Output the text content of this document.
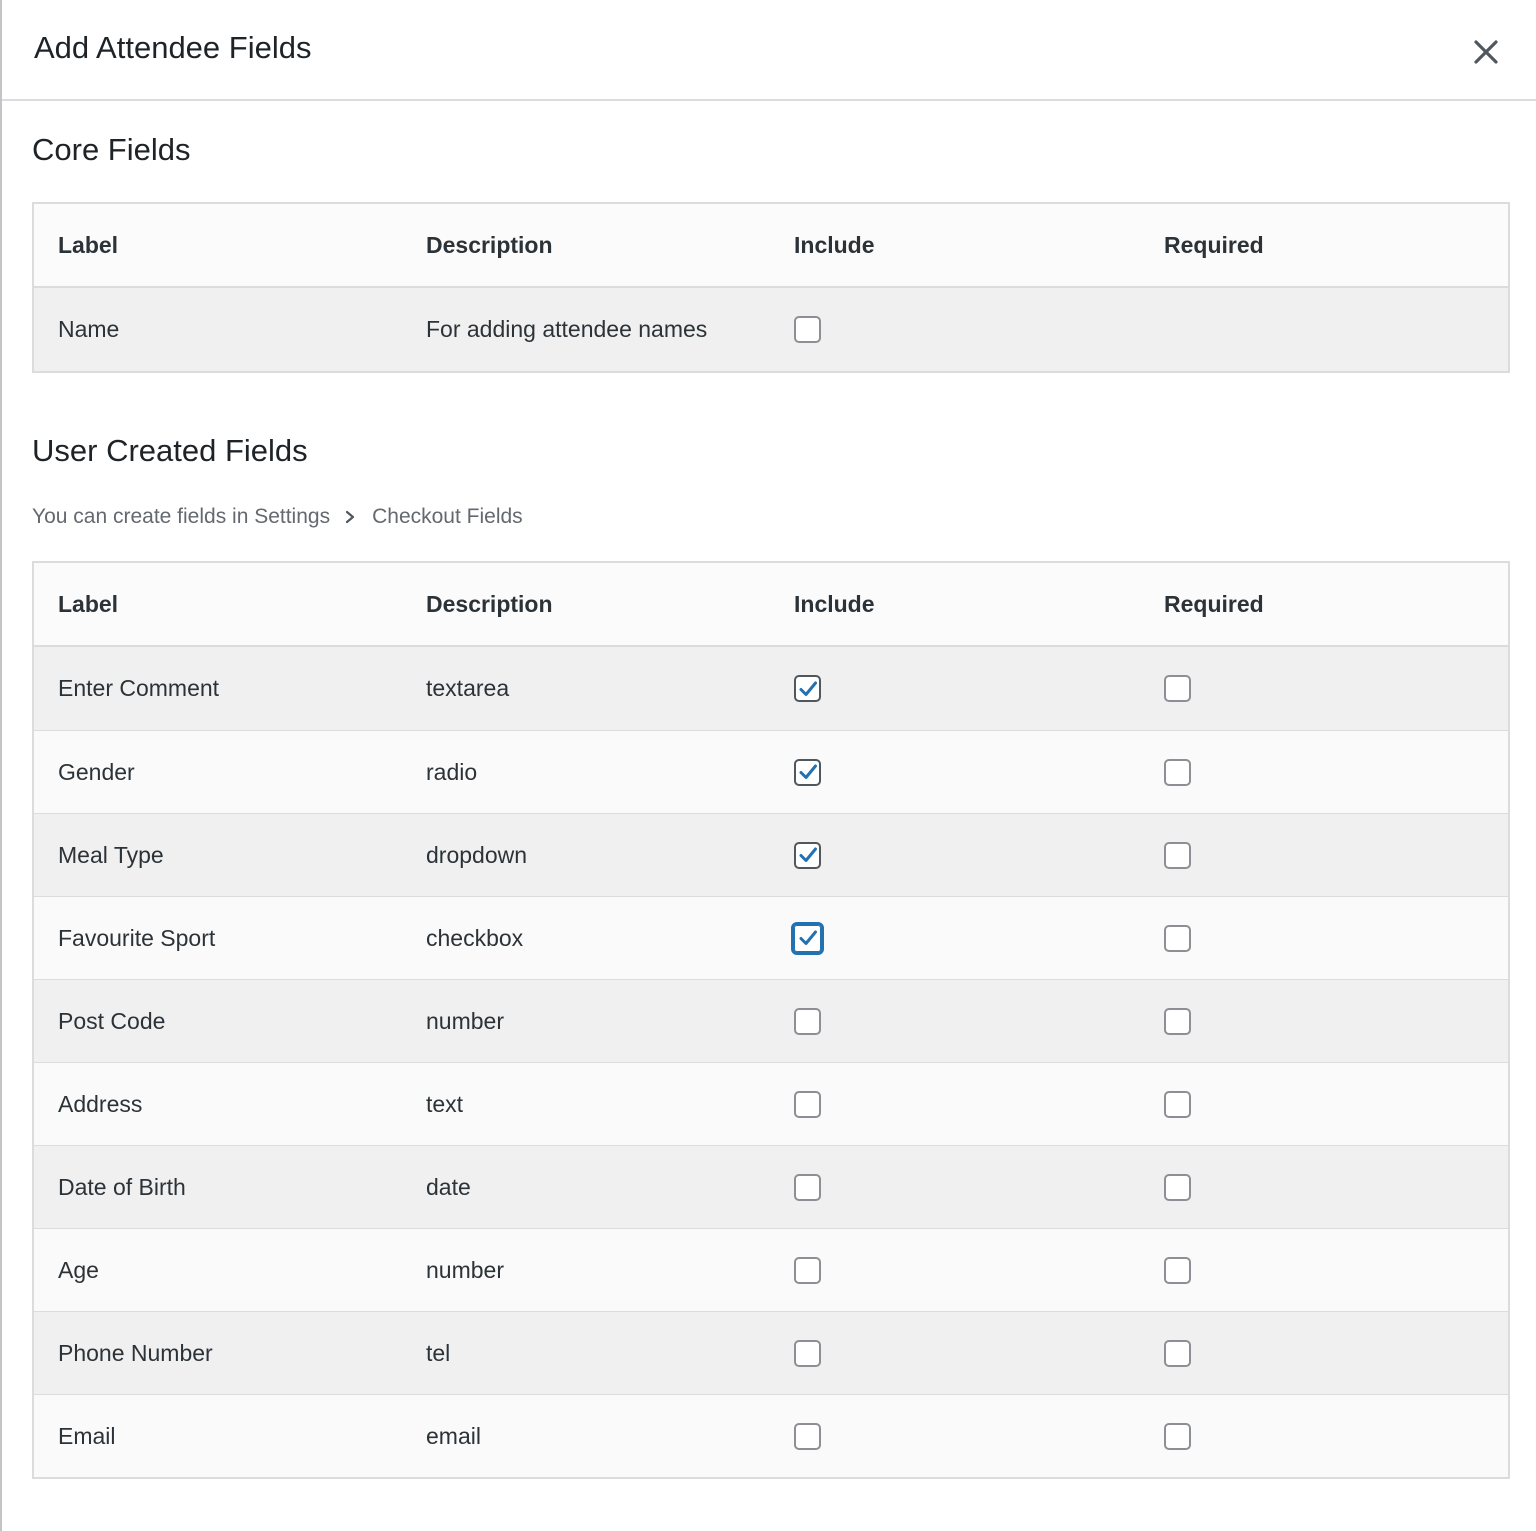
Add Attendee Fields
Core Fields
Label	Description	Include	Required
Name	For adding attendee names
User Created Fields
You can create fields in Settings Checkout Fields
Label	Description	Include	Required
Enter Comment	textarea
Gender	radio
Meal Type	dropdown
Favourite Sport	checkbox
Post Code	number
Address	text
Date of Birth	date
Age	number
Phone Number	tel
Email	email
